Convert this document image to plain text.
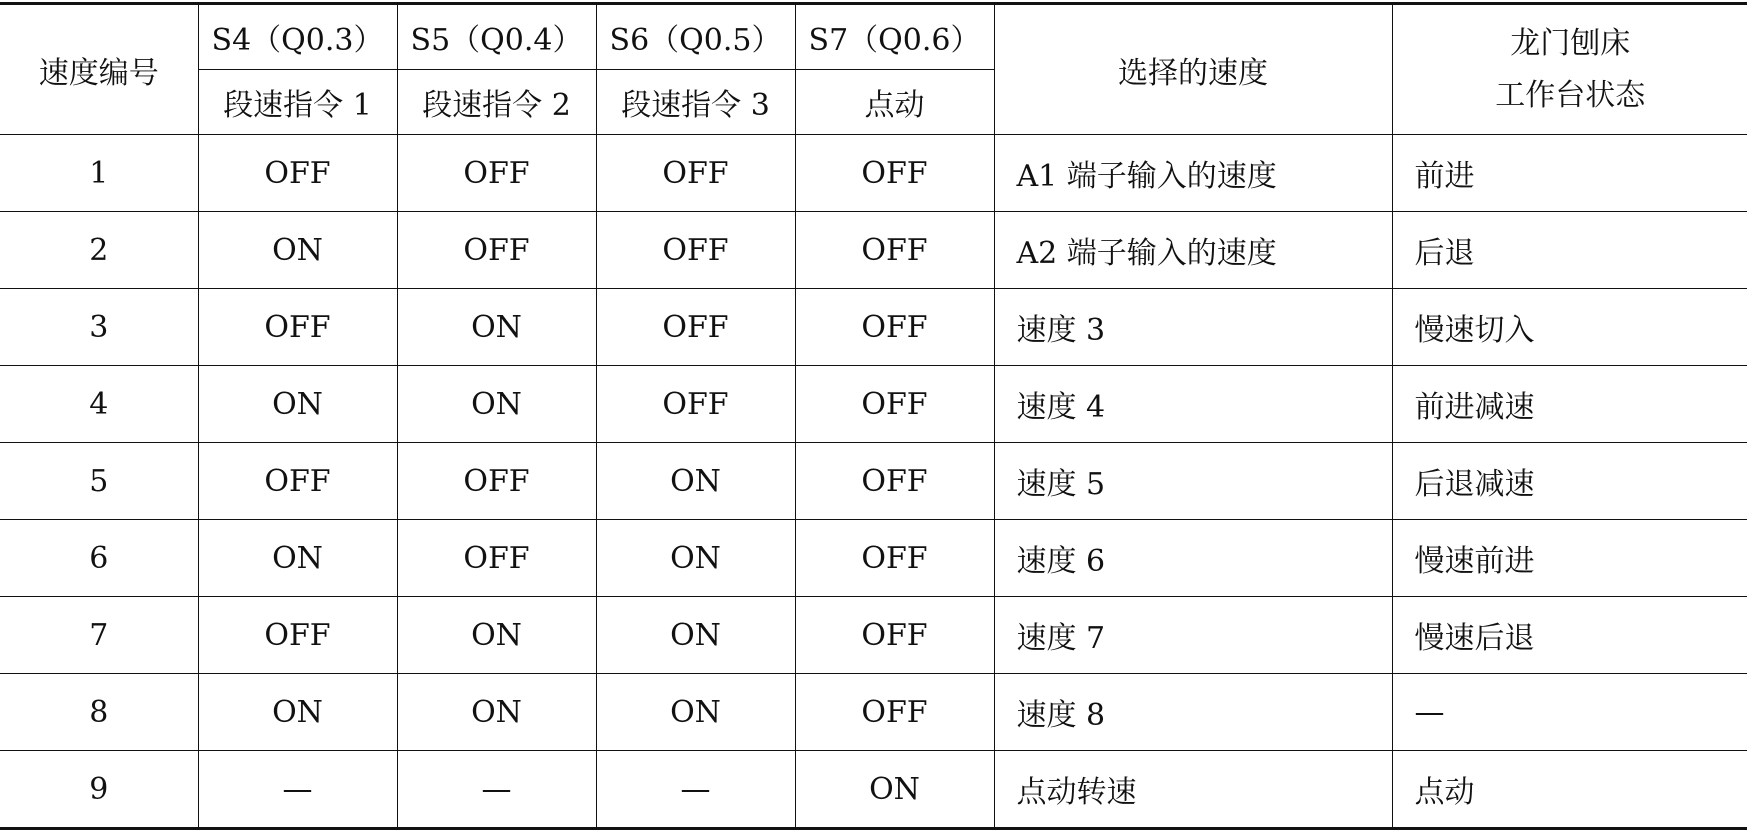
速度编号	S4（Q0.3）	S5（Q0.4）	S6（Q0.5）	S7（Q0.6）	选择的速度	龙门刨床
工作台状态

	段速指令 1	段速指令 2	段速指令 3	点动		
1	OFF	OFF	OFF	OFF	A1 端子输入的速度	前进
2	ON	OFF	OFF	OFF	A2 端子输入的速度	后退
3	OFF	ON	OFF	OFF	速度 3	慢速切入
4	ON	ON	OFF	OFF	速度 4	前进减速
5	OFF	OFF	ON	OFF	速度 5	后退减速
6	ON	OFF	ON	OFF	速度 6	慢速前进
7	OFF	ON	ON	OFF	速度 7	慢速后退
8	ON	ON	ON	OFF	速度 8	—
9	—	—	—	ON	点动转速	点动
